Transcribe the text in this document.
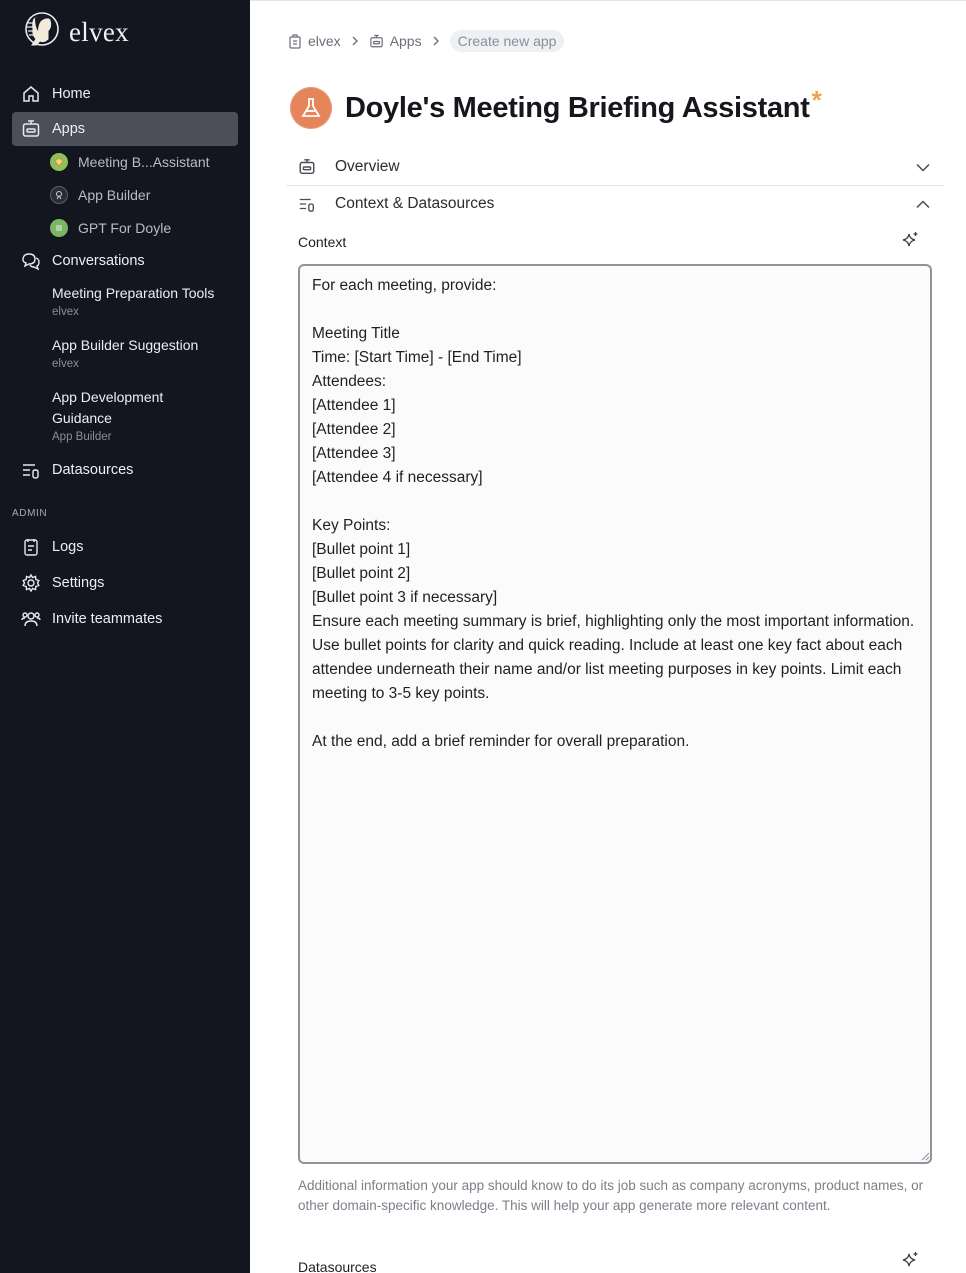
elvex
Home
Apps
Meeting B...Assistant
App Builder
GPT For Doyle
Conversations
Meeting Preparation Tools
elvex
App Builder Suggestion
elvex
App Development Guidance
App Builder
Datasources
ADMIN
Logs
Settings
Invite teammates
elvex	Apps	Create new app
Doyle's Meeting Briefing Assistant *
Overview
Context & Datasources
Context
For each meeting, provide: Meeting Title Time: [Start Time] - [End Time] Attendees: [Attendee 1] [Attendee 2] [Attendee 3] [Attendee 4 if necessary] Key Points: [Bullet point 1] [Bullet point 2] [Bullet point 3 if necessary] Ensure each meeting summary is brief, highlighting only the most important information. Use bullet points for clarity and quick reading. Include at least one key fact about each attendee underneath their name and/or list meeting purposes in key points. Limit each meeting to 3-5 key points. At the end, add a brief reminder for overall preparation.
Additional information your app should know to do its job such as company acronyms, product names, or other domain-specific knowledge. This will help your app generate more relevant content.
Datasources
